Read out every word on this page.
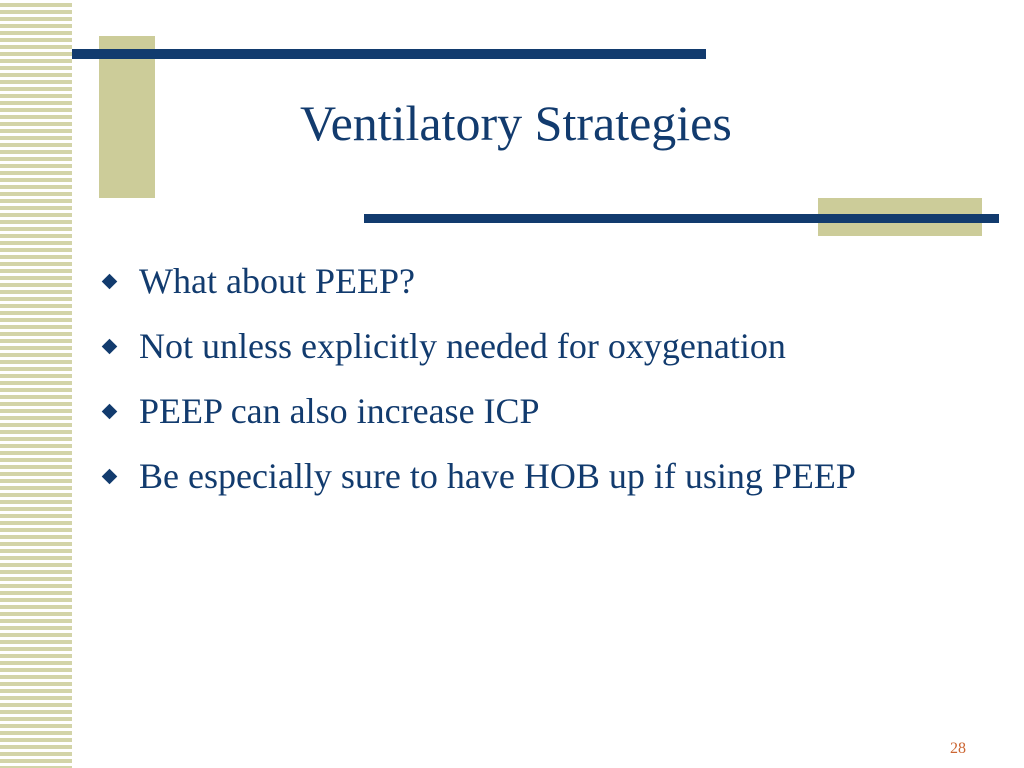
Ventilatory Strategies
What about PEEP?
Not unless explicitly needed for oxygenation
PEEP can also increase ICP
Be especially sure to have HOB up if using PEEP
28
